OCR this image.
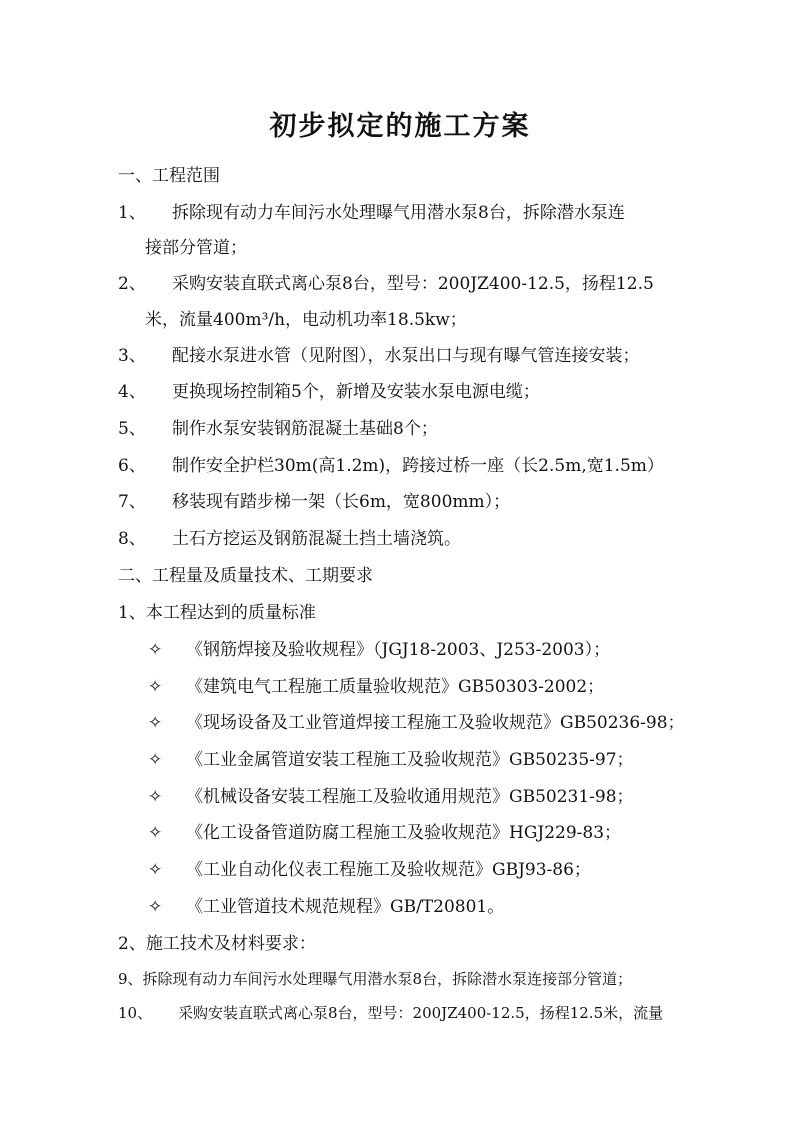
初步拟定的施工方案
一、工程范围
1、 拆除现有动力车间污水处理曝气用潜水泵8台，拆除潜水泵连
接部分管道；
2、 采购安装直联式离心泵8台，型号：200JZ400-12.5，扬程12.5
米，流量400m³/h，电动机功率18.5kw；
3、 配接水泵进水管（见附图），水泵出口与现有曝气管连接安装；
4、 更换现场控制箱5个，新增及安装水泵电源电缆；
5、 制作水泵安装钢筋混凝土基础8个；
6、 制作安全护栏30m(高1.2m)，跨接过桥一座（长2.5m,宽1.5m）
7、 移装现有踏步梯一架（长6m，宽800mm）；
8、 土石方挖运及钢筋混凝土挡土墙浇筑。
二、工程量及质量技术、工期要求
1、本工程达到的质量标准
✧ 《钢筋焊接及验收规程》（JGJ18-2003、J253-2003）；
✧ 《建筑电气工程施工质量验收规范》GB50303-2002；
✧ 《现场设备及工业管道焊接工程施工及验收规范》GB50236-98；
✧ 《工业金属管道安装工程施工及验收规范》GB50235-97；
✧ 《机械设备安装工程施工及验收通用规范》GB50231-98；
✧ 《化工设备管道防腐工程施工及验收规范》HGJ229-83；
✧ 《工业自动化仪表工程施工及验收规范》GBJ93-86；
✧ 《工业管道技术规范规程》GB/T20801。
2、施工技术及材料要求：
9、拆除现有动力车间污水处理曝气用潜水泵8台，拆除潜水泵连接部分管道；
10、 采购安装直联式离心泵8台，型号：200JZ400-12.5，扬程12.5米，流量
